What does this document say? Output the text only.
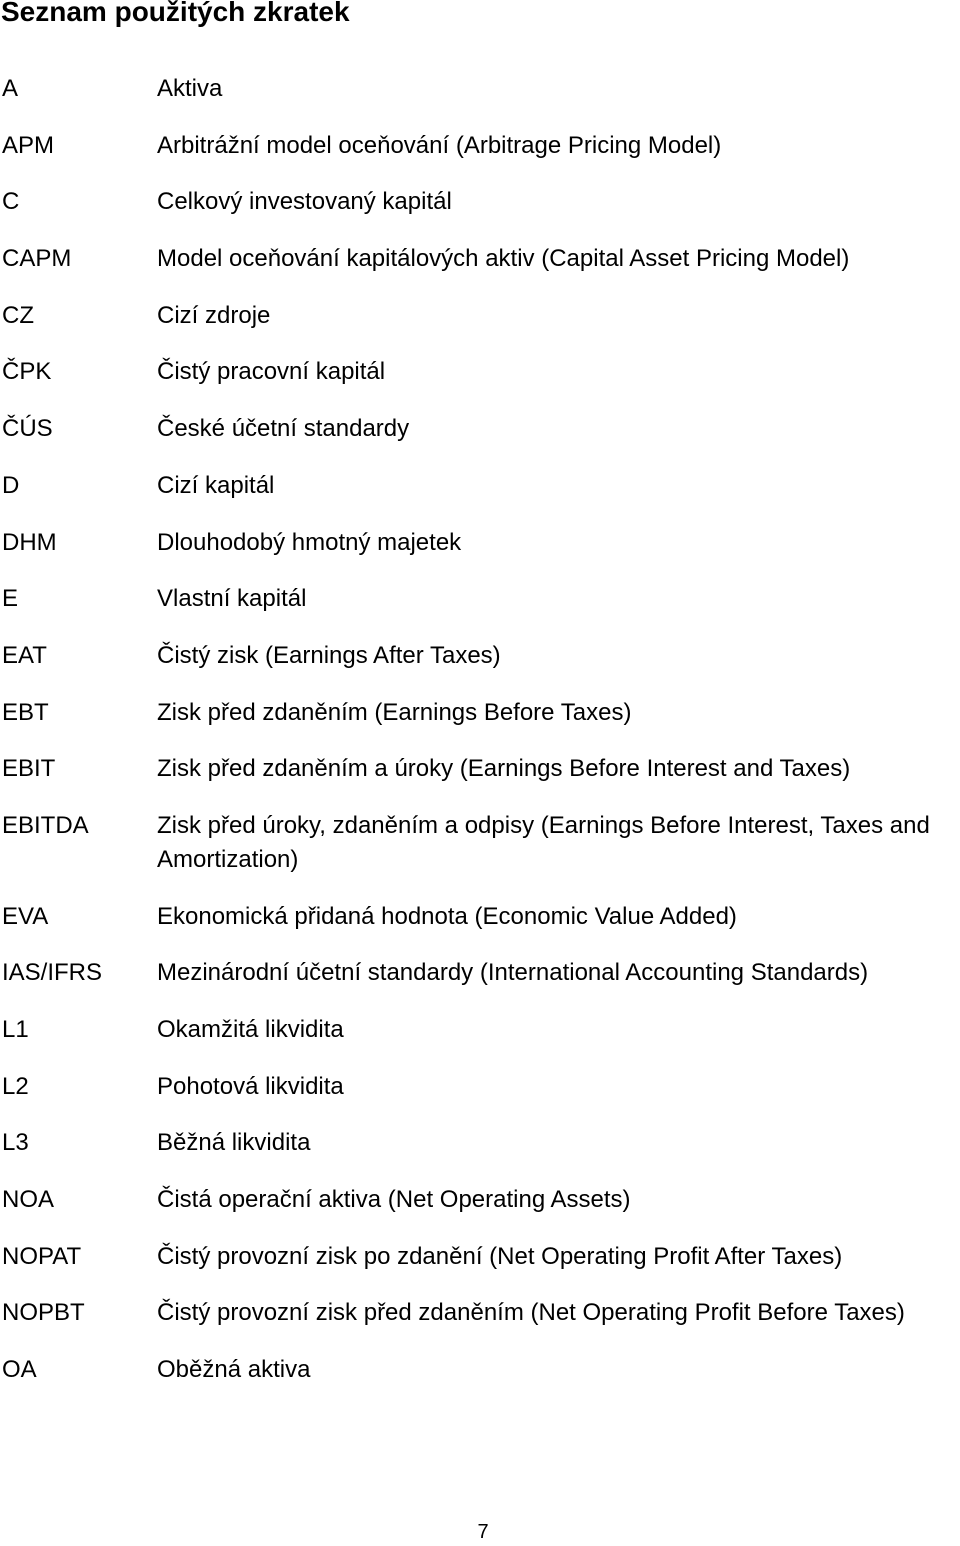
Seznam použitých zkratek
A	Aktiva
APM	Arbitrážní model oceňování (Arbitrage Pricing Model)
C	Celkový investovaný kapitál
CAPM	Model oceňování kapitálových aktiv (Capital Asset Pricing Model)
CZ	Cizí zdroje
ČPK	Čistý pracovní kapitál
ČÚS	České účetní standardy
D	Cizí kapitál
DHM	Dlouhodobý hmotný majetek
E	Vlastní kapitál
EAT	Čistý zisk (Earnings After Taxes)
EBT	Zisk před zdaněním (Earnings Before Taxes)
EBIT	Zisk před zdaněním a úroky (Earnings Before Interest and Taxes)
EBITDA	Zisk před úroky, zdaněním a odpisy (Earnings Before Interest, Taxes and Amortization)
EVA	Ekonomická přidaná hodnota (Economic Value Added)
IAS/IFRS	Mezinárodní účetní standardy (International Accounting Standards)
L1	Okamžitá likvidita
L2	Pohotová likvidita
L3	Běžná likvidita
NOA	Čistá operační aktiva (Net Operating Assets)
NOPAT	Čistý provozní zisk po zdanění (Net Operating Profit After Taxes)
NOPBT	Čistý provozní zisk před zdaněním (Net Operating Profit Before Taxes)
OA	Oběžná aktiva
7
